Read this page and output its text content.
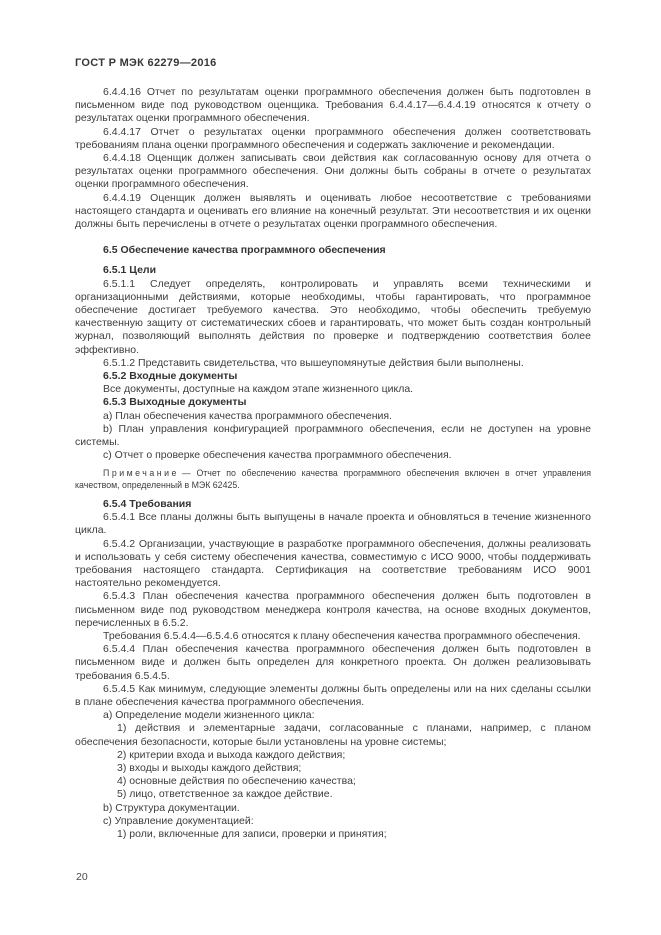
ГОСТ Р МЭК 62279—2016

6.4.4.16 Отчет по результатам оценки программного обеспечения должен быть подготовлен в письменном виде под руководством оценщика. Требования 6.4.4.17—6.4.4.19 относятся к отчету о результатах оценки программного обеспечения.

6.4.4.17 Отчет о результатах оценки программного обеспечения должен соответствовать требованиям плана оценки программного обеспечения и содержать заключение и рекомендации.

6.4.4.18 Оценщик должен записывать свои действия как согласованную основу для отчета о результатах оценки программного обеспечения. Они должны быть собраны в отчете о результатах оценки программного обеспечения.

6.4.4.19 Оценщик должен выявлять и оценивать любое несоответствие с требованиями настоящего стандарта и оценивать его влияние на конечный результат. Эти несоответствия и их оценки должны быть перечислены в отчете о результатах оценки программного обеспечения.

6.5 Обеспечение качества программного обеспечения
6.5.1 Цели

6.5.1.1 Следует определять, контролировать и управлять всеми техническими и организационными действиями, которые необходимы, чтобы гарантировать, что программное обеспечение достигает требуемого качества. Это необходимо, чтобы обеспечить требуемую качественную защиту от систематических сбоев и гарантировать, что может быть создан контрольный журнал, позволяющий выполнять действия по проверке и подтверждению соответствия более эффективно.

6.5.1.2 Представить свидетельства, что вышеупомянутые действия были выполнены.

6.5.2 Входные документы

Все документы, доступные на каждом этапе жизненного цикла.

6.5.3 Выходные документы

a) План обеспечения качества программного обеспечения.

b) План управления конфигурацией программного обеспечения, если не доступен на уровне системы.

c) Отчет о проверке обеспечения качества программного обеспечения.

Примечание — Отчет по обеспечению качества программного обеспечения включен в отчет управления качеством, определенный в МЭК 62425.

6.5.4 Требования

6.5.4.1 Все планы должны быть выпущены в начале проекта и обновляться в течение жизненного цикла.

6.5.4.2 Организации, участвующие в разработке программного обеспечения, должны реализовать и использовать у себя систему обеспечения качества, совместимую с ИСО 9000, чтобы поддерживать требования настоящего стандарта. Сертификация на соответствие требованиям ИСО 9001 настоятельно рекомендуется.

6.5.4.3 План обеспечения качества программного обеспечения должен быть подготовлен в письменном виде под руководством менеджера контроля качества, на основе входных документов, перечисленных в 6.5.2.

Требования 6.5.4.4—6.5.4.6 относятся к плану обеспечения качества программного обеспечения.

6.5.4.4 План обеспечения качества программного обеспечения должен быть подготовлен в письменном виде и должен быть определен для конкретного проекта. Он должен реализовывать требования 6.5.4.5.

6.5.4.5 Как минимум, следующие элементы должны быть определены или на них сделаны ссылки в плане обеспечения качества программного обеспечения.

a) Определение модели жизненного цикла:

1) действия и элементарные задачи, согласованные с планами, например, с планом обеспечения безопасности, которые были установлены на уровне системы;

2) критерии входа и выхода каждого действия;

3) входы и выходы каждого действия;

4) основные действия по обеспечению качества;

5) лицо, ответственное за каждое действие.

b) Структура документации.

c) Управление документацией:

1) роли, включенные для записи, проверки и принятия;

20
